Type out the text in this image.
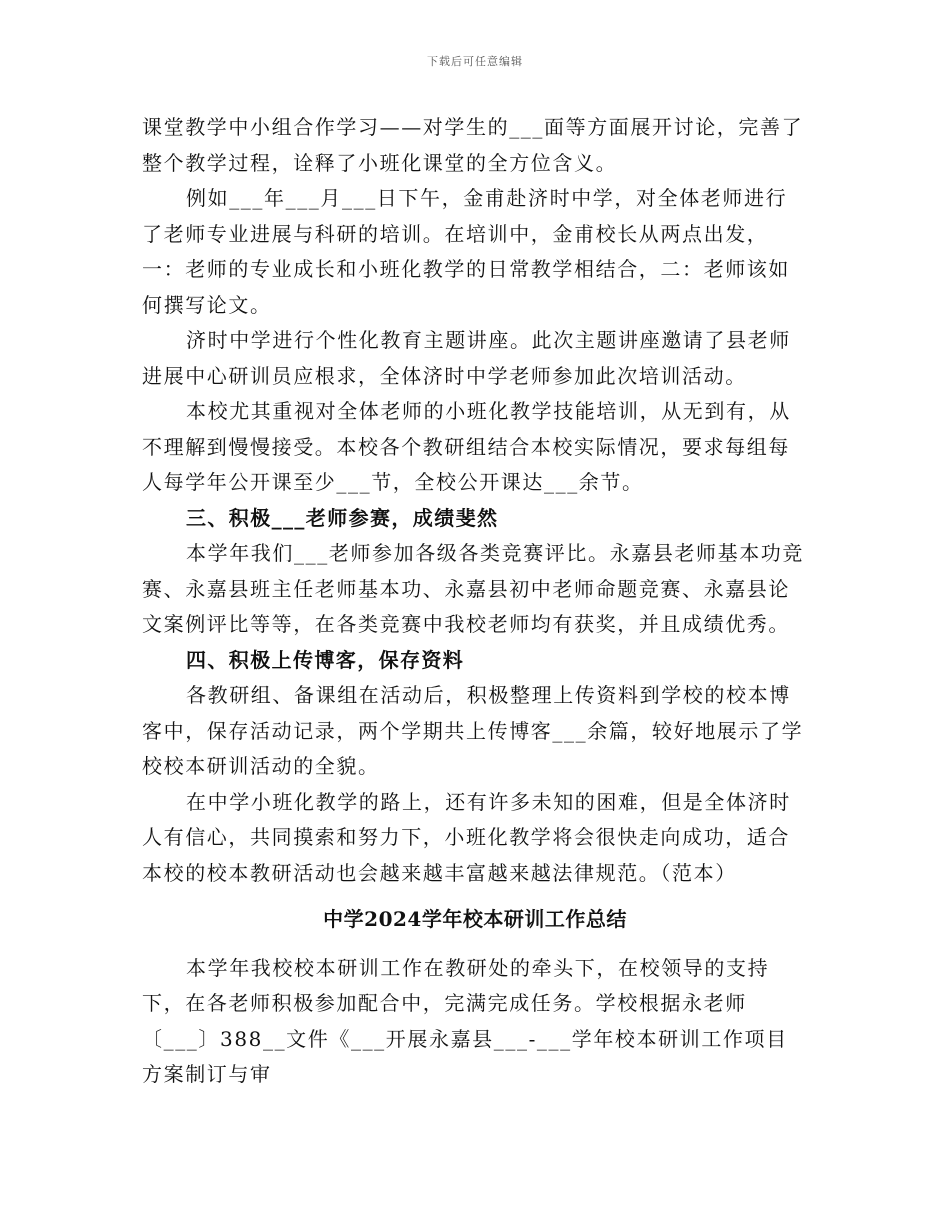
下载后可任意编辑

课堂教学中小组合作学习——对学生的___面等方面展开讨论，完善了整个教学过程，诠释了小班化课堂的全方位含义。

例如___年___月___日下午，金甫赴济时中学，对全体老师进行了老师专业进展与科研的培训。在培训中，金甫校长从两点出发，一：老师的专业成长和小班化教学的日常教学相结合，二：老师该如何撰写论文。

济时中学进行个性化教育主题讲座。此次主题讲座邀请了县老师进展中心研训员应根求，全体济时中学老师参加此次培训活动。

本校尤其重视对全体老师的小班化教学技能培训，从无到有，从不理解到慢慢接受。本校各个教研组结合本校实际情况，要求每组每人每学年公开课至少___节，全校公开课达___余节。

三、积极___老师参赛，成绩斐然

本学年我们___老师参加各级各类竞赛评比。永嘉县老师基本功竞赛、永嘉县班主任老师基本功、永嘉县初中老师命题竞赛、永嘉县论文案例评比等等，在各类竞赛中我校老师均有获奖，并且成绩优秀。

四、积极上传博客，保存资料

各教研组、备课组在活动后，积极整理上传资料到学校的校本博客中，保存活动记录，两个学期共上传博客___余篇，较好地展示了学校校本研训活动的全貌。

在中学小班化教学的路上，还有许多未知的困难，但是全体济时人有信心，共同摸索和努力下，小班化教学将会很快走向成功，适合本校的校本教研活动也会越来越丰富越来越法律规范。（范本）

中学2024学年校本研训工作总结

本学年我校校本研训工作在教研处的牵头下，在校领导的支持下，在各老师积极参加配合中，完满完成任务。学校根据永老师〔___〕388__文件《___开展永嘉县___-___学年校本研训工作项目方案制订与审
